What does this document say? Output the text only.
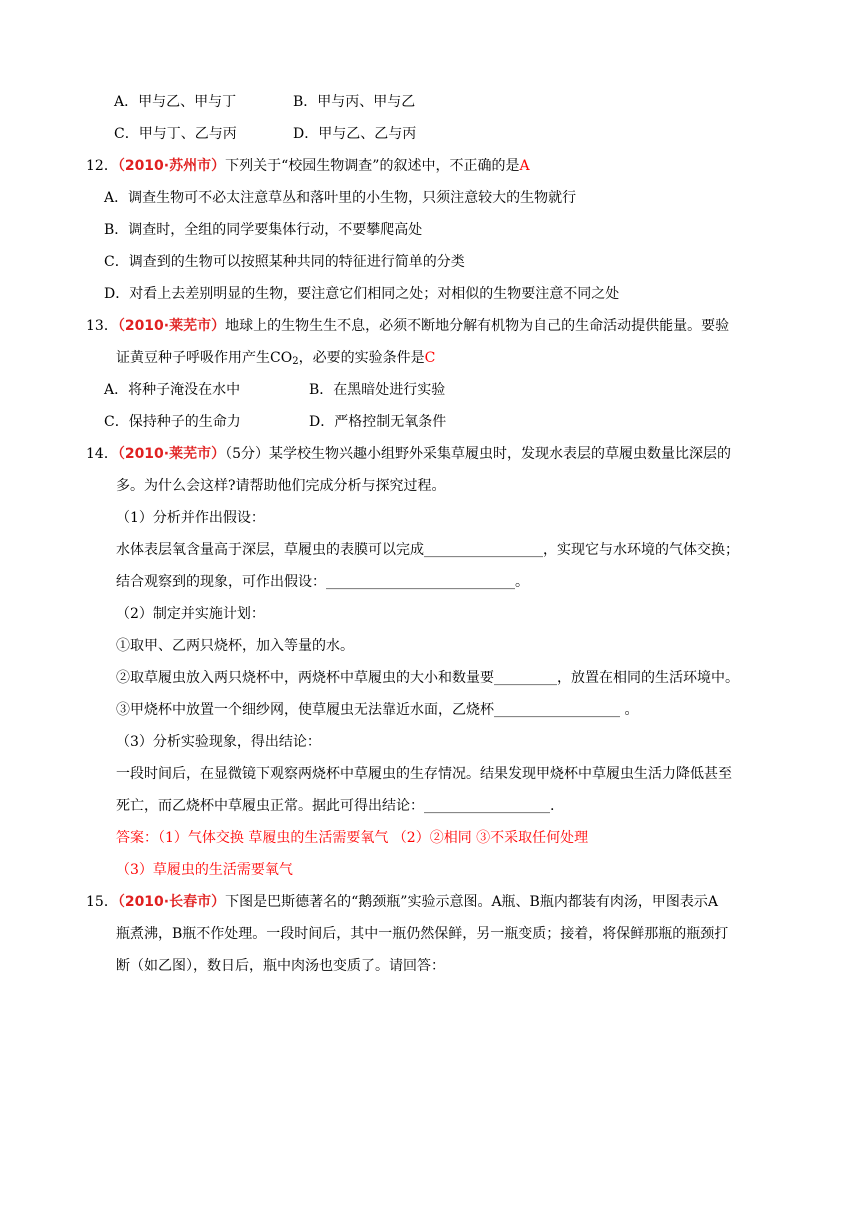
A．甲与乙、甲与丁	B．甲与丙、甲与乙
C．甲与丁、乙与丙	D．甲与乙、乙与丙
12．（2010·苏州市）下列关于“校园生物调查”的叙述中，不正确的是A
A．调查生物可不必太注意草丛和落叶里的小生物，只须注意较大的生物就行
B．调查时，全组的同学要集体行动，不要攀爬高处
C．调查到的生物可以按照某种共同的特征进行简单的分类
D．对看上去差别明显的生物，要注意它们相同之处；对相似的生物要注意不同之处
13．（2010·莱芜市）地球上的生物生生不息，必须不断地分解有机物为自己的生命活动提供能量。要验
证黄豆种子呼吸作用产生$CO_2$，必要的实验条件是C
A．将种子淹没在水中	B．在黑暗处进行实验
C．保持种子的生命力	D．严格控制无氧条件
14．（2010·莱芜市）（5分）某学校生物兴趣小组野外采集草履虫时，发现水表层的草履虫数量比深层的
多。为什么会这样?请帮助他们完成分析与探究过程。
（1）分析并作出假设：
水体表层氧含量高于深层，草履虫的表膜可以完成_________________，实现它与水环境的气体交换；
结合观察到的现象，可作出假设：___________________________。
（2）制定并实施计划：
①取甲、乙两只烧杯，加入等量的水。
②取草履虫放入两只烧杯中，两烧杯中草履虫的大小和数量要_________，放置在相同的生活环境中。
③甲烧杯中放置一个细纱网，使草履虫无法靠近水面，乙烧杯__________________ 。
（3）分析实验现象，得出结论：
一段时间后，在显微镜下观察两烧杯中草履虫的生存情况。结果发现甲烧杯中草履虫生活力降低甚至
死亡，而乙烧杯中草履虫正常。据此可得出结论：__________________.
答案：（1）气体交换 草履虫的生活需要氧气 （2）②相同 ③不采取任何处理
（3）草履虫的生活需要氧气
15．（2010·长春市）下图是巴斯德著名的“鹅颈瓶”实验示意图。A瓶、B瓶内都装有肉汤，甲图表示A
瓶煮沸，B瓶不作处理。一段时间后，其中一瓶仍然保鲜，另一瓶变质；接着，将保鲜那瓶的瓶颈打
断（如乙图），数日后，瓶中肉汤也变质了。请回答：
